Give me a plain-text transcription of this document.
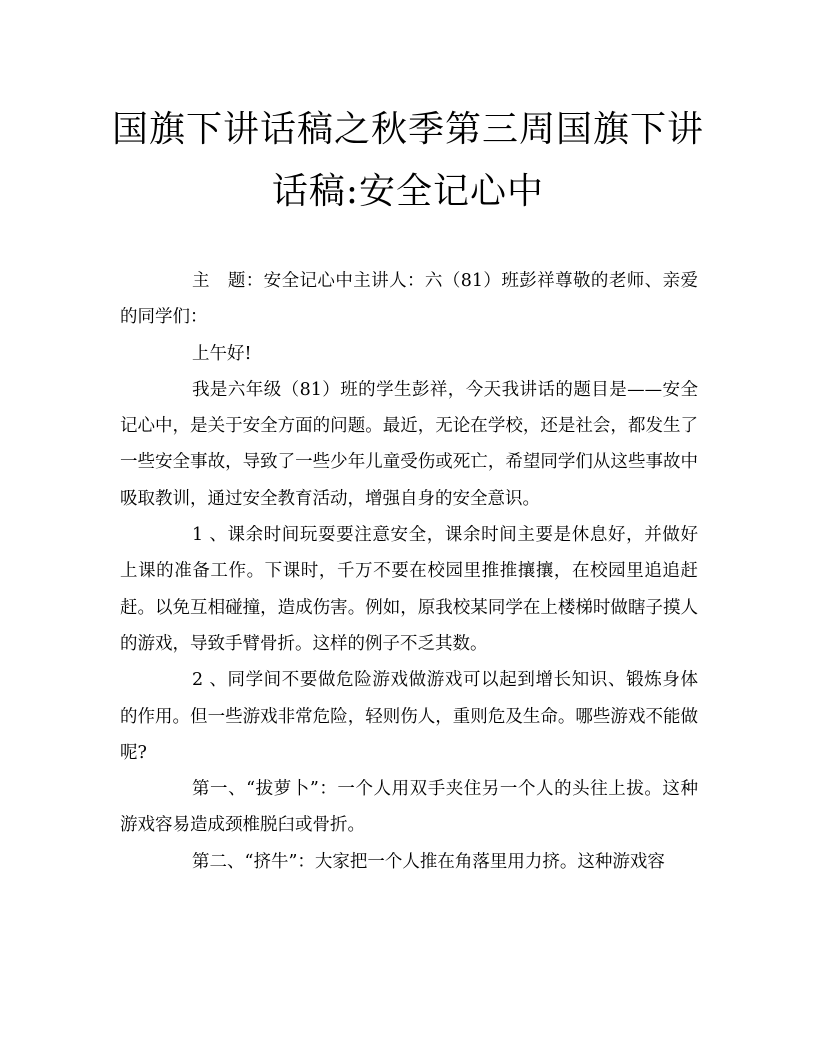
国旗下讲话稿之秋季第三周国旗下讲
话稿:安全记心中

主　题：安全记心中主讲人：六（81）班彭祥尊敬的老师、亲爱的同学们：

上午好!

我是六年级（81）班的学生彭祥，今天我讲话的题目是——安全记心中，是关于安全方面的问题。最近，无论在学校，还是社会，都发生了一些安全事故，导致了一些少年儿童受伤或死亡，希望同学们从这些事故中吸取教训，通过安全教育活动，增强自身的安全意识。

1 、课余时间玩耍要注意安全，课余时间主要是休息好，并做好上课的准备工作。下课时，千万不要在校园里推推攘攘，在校园里追追赶赶。以免互相碰撞，造成伤害。例如，原我校某同学在上楼梯时做瞎子摸人的游戏，导致手臂骨折。这样的例子不乏其数。

2 、同学间不要做危险游戏做游戏可以起到增长知识、锻炼身体的作用。但一些游戏非常危险，轻则伤人，重则危及生命。哪些游戏不能做呢?

第一、“拔萝卜”：一个人用双手夹住另一个人的头往上拔。这种游戏容易造成颈椎脱臼或骨折。

第二、“挤牛”：大家把一个人推在角落里用力挤。这种游戏容
